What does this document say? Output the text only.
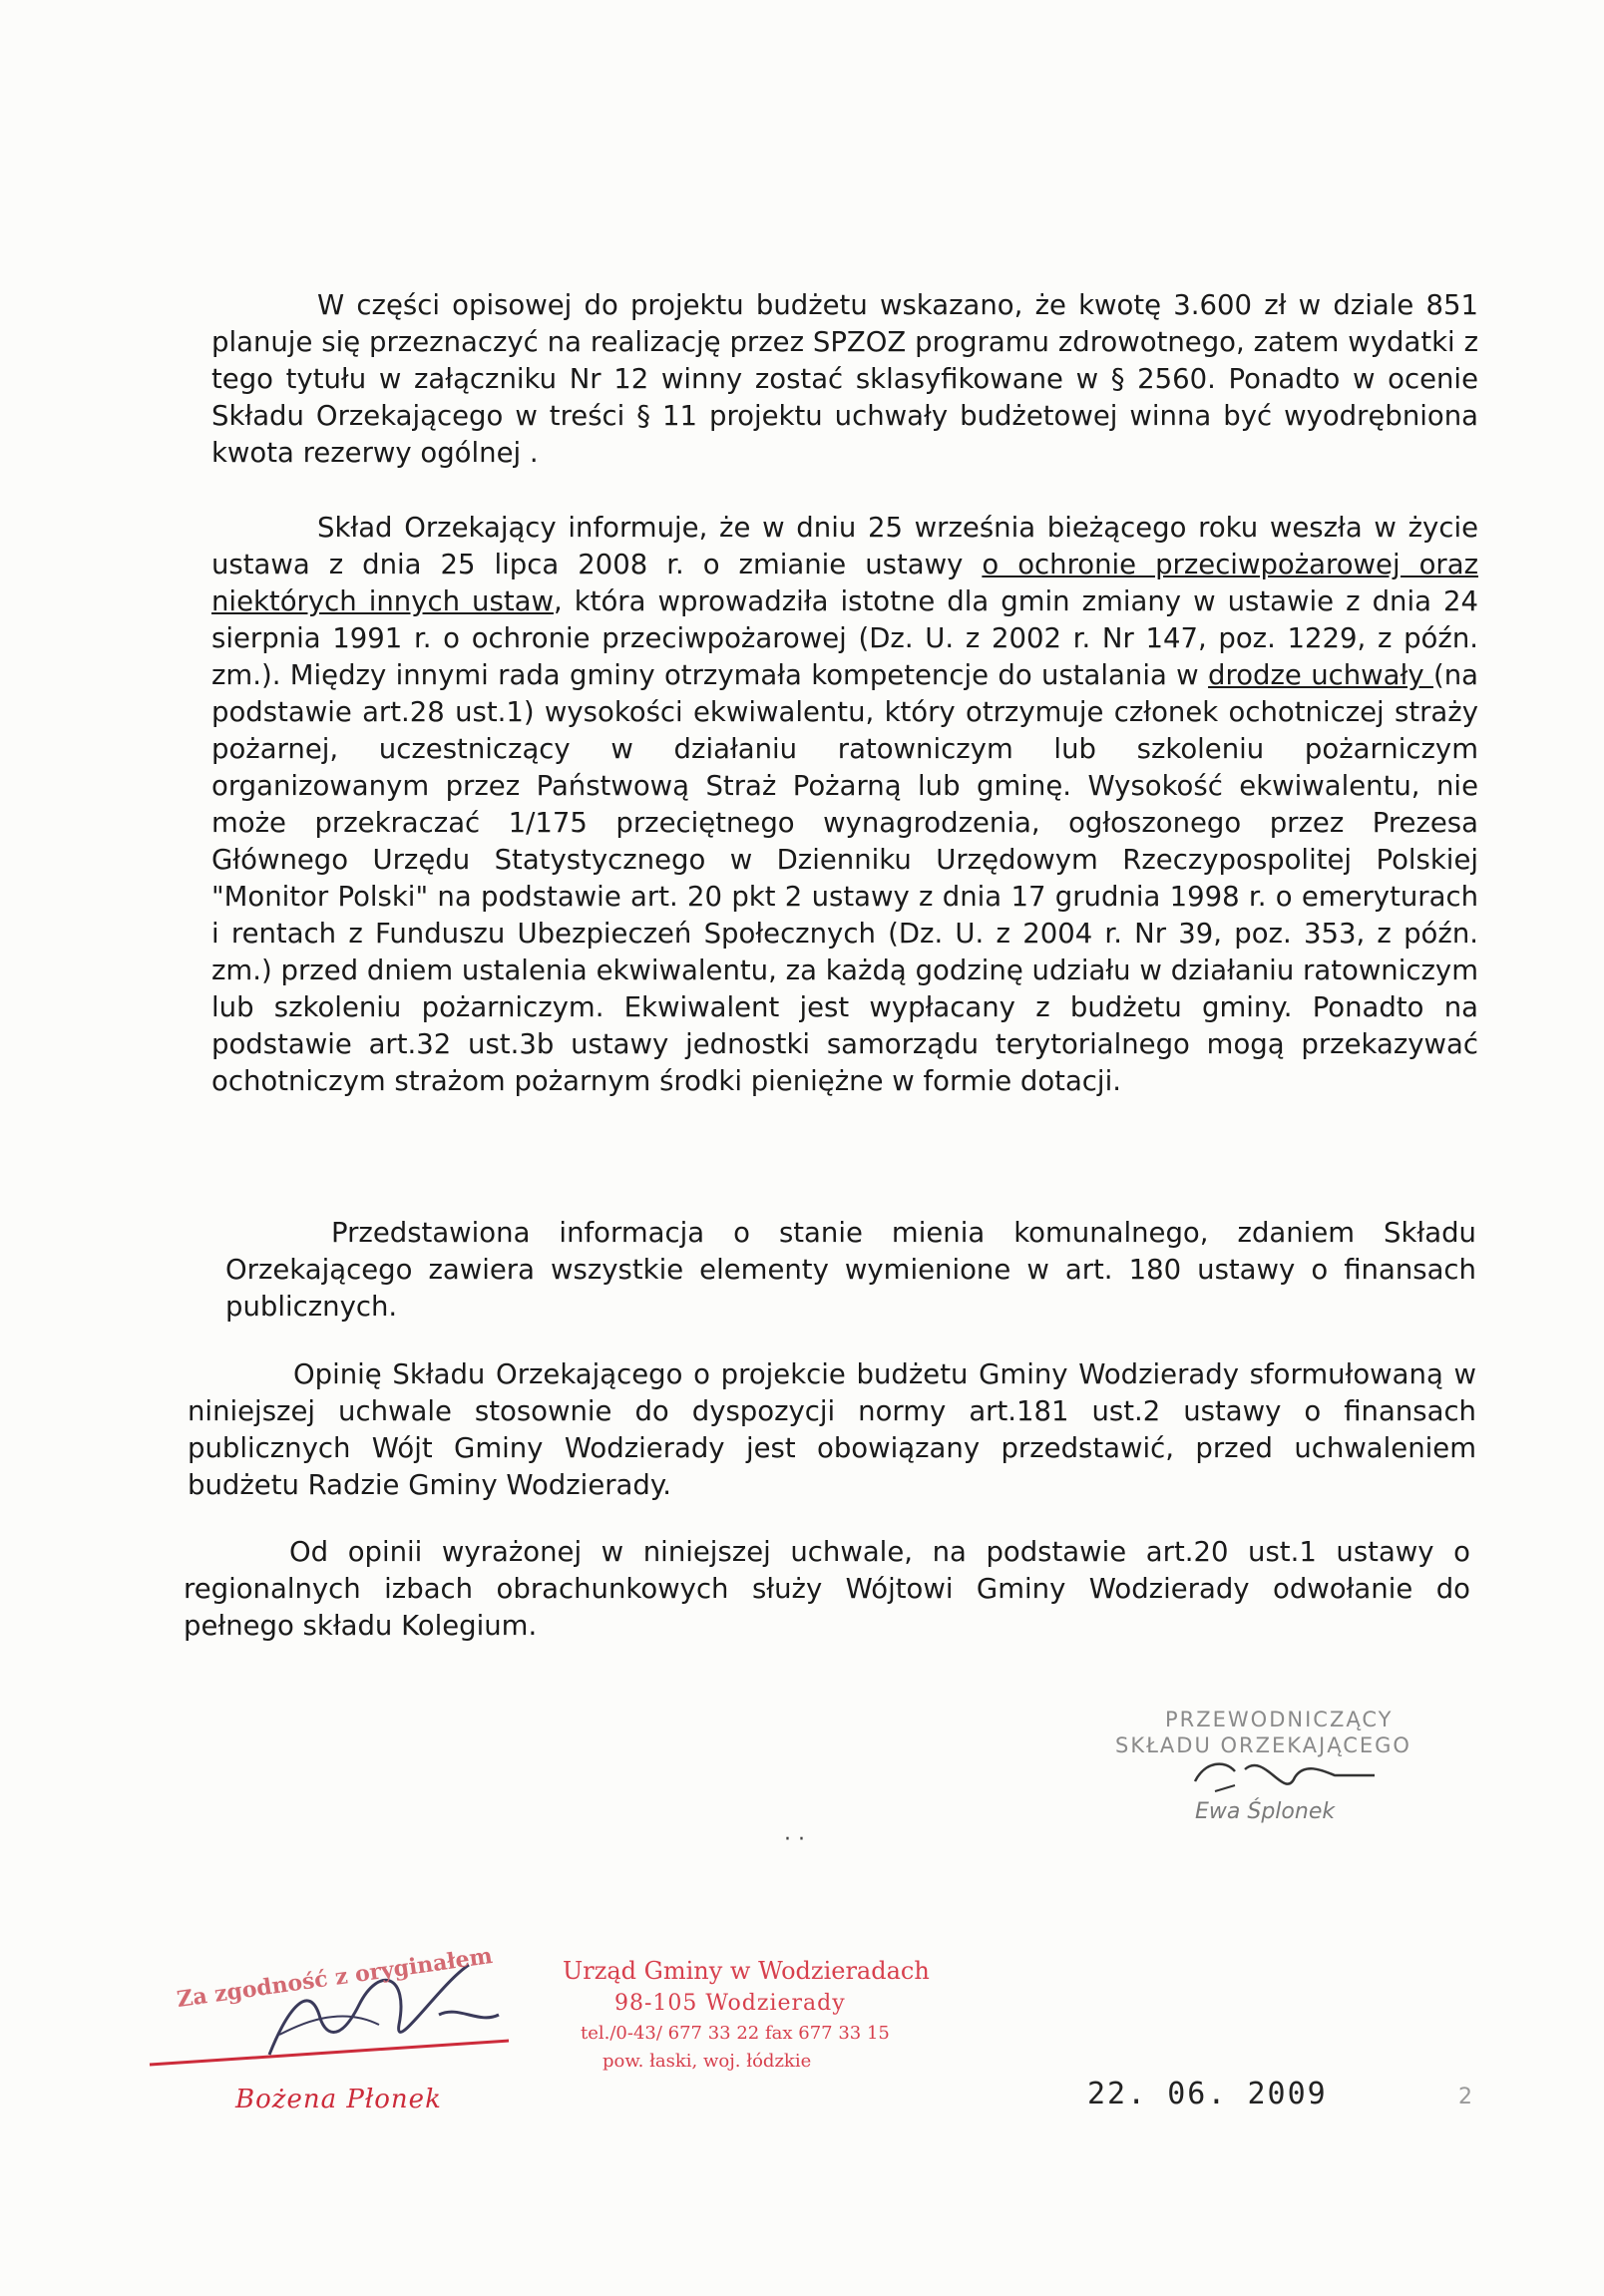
W części opisowej do projektu budżetu wskazano, że kwotę 3.600 zł w dziale 851 planuje się przeznaczyć na realizację przez SPZOZ programu zdrowotnego, zatem wydatki z tego tytułu w załączniku Nr 12 winny zostać sklasyfikowane w § 2560. Ponadto w ocenie Składu Orzekającego w treści § 11 projektu uchwały budżetowej winna być wyodrębniona kwota rezerwy ogólnej .

Skład Orzekający informuje, że w dniu 25 września bieżącego roku weszła w życie ustawa z dnia 25 lipca 2008 r. o zmianie ustawy o ochronie przeciwpożarowej oraz niektórych innych ustaw, która wprowadziła istotne dla gmin zmiany w ustawie z dnia 24 sierpnia 1991 r. o ochronie przeciwpożarowej (Dz. U. z 2002 r. Nr 147, poz. 1229, z późn. zm.). Między innymi rada gminy otrzymała kompetencje do ustalania w drodze uchwały (na podstawie art.28 ust.1) wysokości ekwiwalentu, który otrzymuje członek ochotniczej straży pożarnej, uczestniczący w działaniu ratowniczym lub szkoleniu pożarniczym organizowanym przez Państwową Straż Pożarną lub gminę. Wysokość ekwiwalentu, nie może przekraczać 1/175 przeciętnego wynagrodzenia, ogłoszonego przez Prezesa Głównego Urzędu Statystycznego w Dzienniku Urzędowym Rzeczypospolitej Polskiej "Monitor Polski" na podstawie art. 20 pkt 2 ustawy z dnia 17 grudnia 1998 r. o emeryturach i rentach z Funduszu Ubezpieczeń Społecznych (Dz. U. z 2004 r. Nr 39, poz. 353, z późn. zm.) przed dniem ustalenia ekwiwalentu, za każdą godzinę udziału w działaniu ratowniczym lub szkoleniu pożarniczym. Ekwiwalent jest wypłacany z budżetu gminy. Ponadto na podstawie art.32 ust.3b ustawy jednostki samorządu terytorialnego mogą przekazywać ochotniczym strażom pożarnym środki pieniężne w formie dotacji.

Przedstawiona informacja o stanie mienia komunalnego, zdaniem Składu Orzekającego zawiera wszystkie elementy wymienione w art. 180 ustawy o finansach publicznych.

Opinię Składu Orzekającego o projekcie budżetu Gminy Wodzierady sformułowaną w niniejszej uchwale stosownie do dyspozycji normy art.181 ust.2 ustawy o finansach publicznych Wójt Gminy Wodzierady jest obowiązany przedstawić, przed uchwaleniem budżetu Radzie Gminy Wodzierady.

Od opinii wyrażonej w niniejszej uchwale, na podstawie art.20 ust.1 ustawy o regionalnych izbach obrachunkowych służy Wójtowi Gminy Wodzierady odwołanie do pełnego składu Kolegium.

PRZEWODNICZĄCY
SKŁADU ORZEKAJĄCEGO
Ewa Śplonek
· ·
Za zgodność z oryginałem
Bożena Płonek
Urząd Gminy w Wodzieradach
98-105 Wodzierady
tel./0-43/ 677 33 22 fax 677 33 15
pow. łaski, woj. łódzkie
22. 06. 2009	2
